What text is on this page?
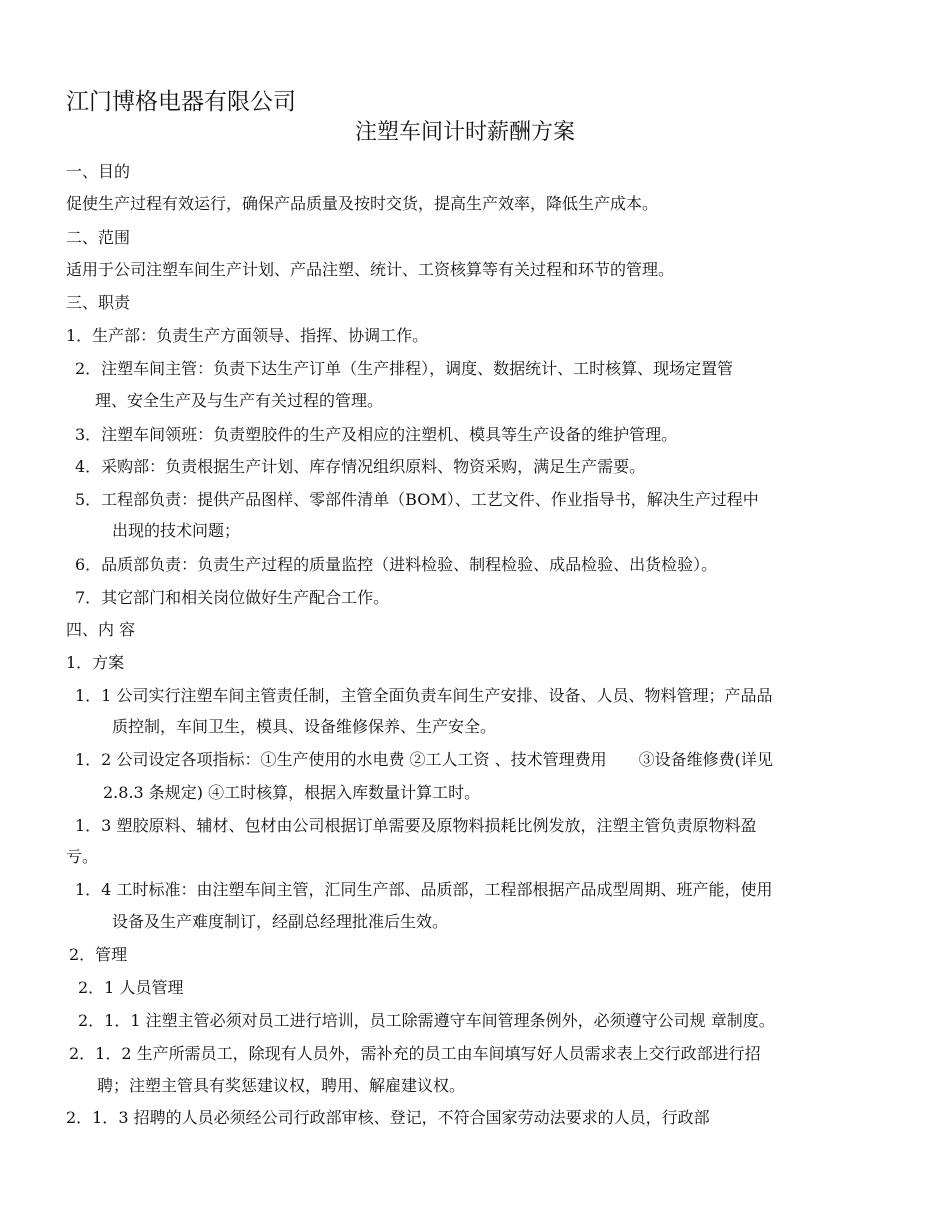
江门博格电器有限公司
注塑车间计时薪酬方案
一、目的
促使生产过程有效运行，确保产品质量及按时交货，提高生产效率，降低生产成本。
二、范围
适用于公司注塑车间生产计划、产品注塑、统计、工资核算等有关过程和环节的管理。
三、职责
1．生产部：负责生产方面领导、指挥、协调工作。
2．注塑车间主管：负责下达生产订单（生产排程），调度、数据统计、工时核算、现场定置管
理、安全生产及与生产有关过程的管理。
3．注塑车间领班：负责塑胶件的生产及相应的注塑机、模具等生产设备的维护管理。
4．采购部：负责根据生产计划、库存情况组织原料、物资采购，满足生产需要。
5．工程部负责：提供产品图样、零部件清单（BOM）、工艺文件、作业指导书，解决生产过程中
出现的技术问题；
6．品质部负责：负责生产过程的质量监控（进料检验、制程检验、成品检验、出货检验）。
7．其它部门和相关岗位做好生产配合工作。
四、内 容
1．方案
1．1 公司实行注塑车间主管责任制，主管全面负责车间生产安排、设备、人员、物料管理；产品品
质控制，车间卫生，模具、设备维修保养、生产安全。
1．2 公司设定各项指标：①生产使用的水电费 ②工人工资 、技术管理费用　　③设备维修费(详见
2.8.3 条规定) ④工时核算，根据入库数量计算工时。
1．3 塑胶原料、辅材、包材由公司根据订单需要及原物料损耗比例发放，注塑主管负责原物料盈
亏。
1．4 工时标准：由注塑车间主管，汇同生产部、品质部，工程部根据产品成型周期、班产能，使用
设备及生产难度制订，经副总经理批准后生效。
2．管理
2．1 人员管理
2．1．1 注塑主管必须对员工进行培训，员工除需遵守车间管理条例外，必须遵守公司规 章制度。
2．1．2 生产所需员工，除现有人员外，需补充的员工由车间填写好人员需求表上交行政部进行招
聘；注塑主管具有奖惩建议权，聘用、解雇建议权。
2．1．3 招聘的人员必须经公司行政部审核、登记，不符合国家劳动法要求的人员，行政部
